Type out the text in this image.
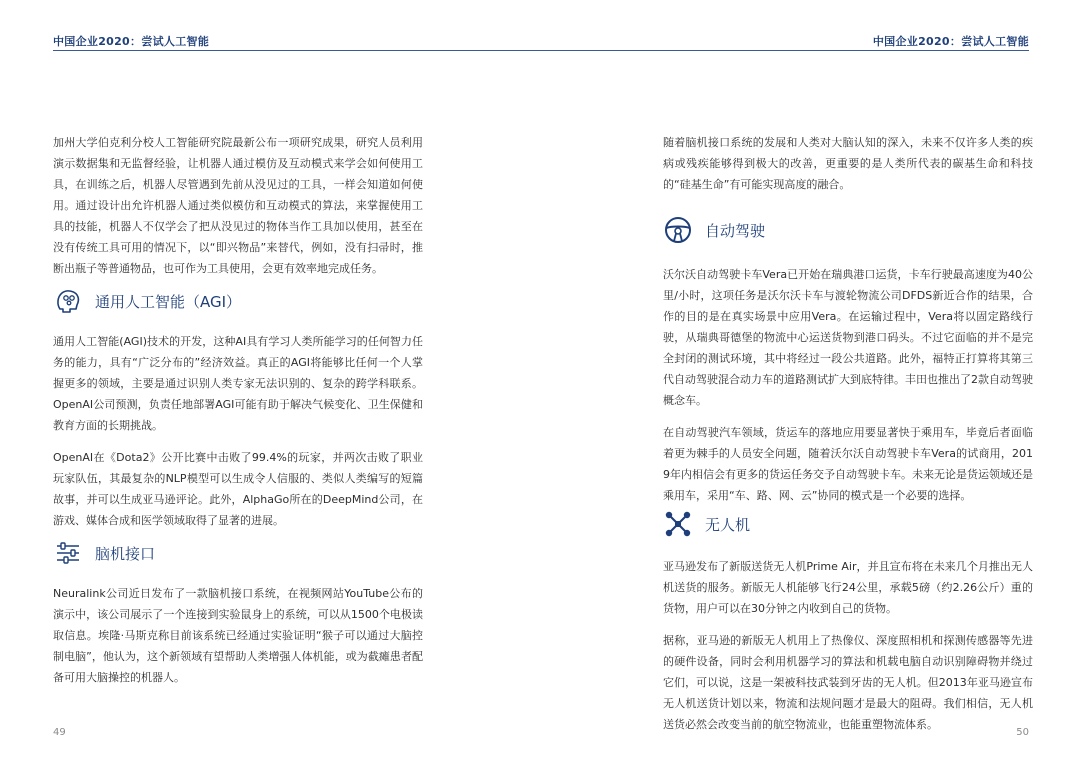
中国企业2020：尝试人工智能

加州大学伯克利分校人工智能研究院最新公布一项研究成果，研究人员利用演示数据集和无监督经验，让机器人通过模仿及互动模式来学会如何使用工具，在训练之后，机器人尽管遇到先前从没见过的工具，一样会知道如何使用。通过设计出允许机器人通过类似模仿和互动模式的算法，来掌握使用工具的技能，机器人不仅学会了把从没见过的物体当作工具加以使用，甚至在没有传统工具可用的情况下，以“即兴物品”来替代，例如，没有扫帚时，推断出瓶子等普通物品，也可作为工具使用，会更有效率地完成任务。

通用人工智能（AGI）

通用人工智能(AGI)技术的开发，这种AI具有学习人类所能学习的任何智力任务的能力，具有“广泛分布的”经济效益。真正的AGI将能够比任何一个人掌握更多的领域，主要是通过识别人类专家无法识别的、复杂的跨学科联系。OpenAI公司预测，负责任地部署AGI可能有助于解决气候变化、卫生保健和教育方面的长期挑战。

OpenAI在《Dota2》公开比赛中击败了99.4%的玩家，并两次击败了职业玩家队伍，其最复杂的NLP模型可以生成令人信服的、类似人类编写的短篇故事，并可以生成亚马逊评论。此外，AlphaGo所在的DeepMind公司，在游戏、媒体合成和医学领域取得了显著的进展。

脑机接口

Neuralink公司近日发布了一款脑机接口系统，在视频网站YouTube公布的演示中，该公司展示了一个连接到实验鼠身上的系统，可以从1500个电极读取信息。埃隆·马斯克称目前该系统已经通过实验证明“猴子可以通过大脑控制电脑”，他认为，这个新领域有望帮助人类增强人体机能，或为截瘫患者配备可用大脑操控的机器人。

49
中国企业2020：尝试人工智能

随着脑机接口系统的发展和人类对大脑认知的深入，未来不仅许多人类的疾病或残疾能够得到极大的改善，更重要的是人类所代表的碳基生命和科技的“硅基生命”有可能实现高度的融合。

自动驾驶

沃尔沃自动驾驶卡车Vera已开始在瑞典港口运货，卡车行驶最高速度为40公里/小时，这项任务是沃尔沃卡车与渡轮物流公司DFDS新近合作的结果，合作的目的是在真实场景中应用Vera。在运输过程中，Vera将以固定路线行驶，从瑞典哥德堡的物流中心运送货物到港口码头。不过它面临的并不是完全封闭的测试环境，其中将经过一段公共道路。此外，福特正打算将其第三代自动驾驶混合动力车的道路测试扩大到底特律。丰田也推出了2款自动驾驶概念车。

在自动驾驶汽车领域，货运车的落地应用要显著快于乘用车，毕竟后者面临着更为棘手的人员安全问题，随着沃尔沃自动驾驶卡车Vera的试商用，2019年内相信会有更多的货运任务交予自动驾驶卡车。未来无论是货运领域还是乘用车，采用“车、路、网、云”协同的模式是一个必要的选择。

无人机

亚马逊发布了新版送货无人机Prime Air，并且宣布将在未来几个月推出无人机送货的服务。新版无人机能够飞行24公里，承载5磅（约2.26公斤）重的货物，用户可以在30分钟之内收到自己的货物。

据称，亚马逊的新版无人机用上了热像仪、深度照相机和探测传感器等先进的硬件设备，同时会利用机器学习的算法和机载电脑自动识别障碍物并绕过它们，可以说，这是一架被科技武装到牙齿的无人机。但2013年亚马逊宣布无人机送货计划以来，物流和法规问题才是最大的阻碍。我们相信，无人机送货必然会改变当前的航空物流业，也能重塑物流体系。

50
